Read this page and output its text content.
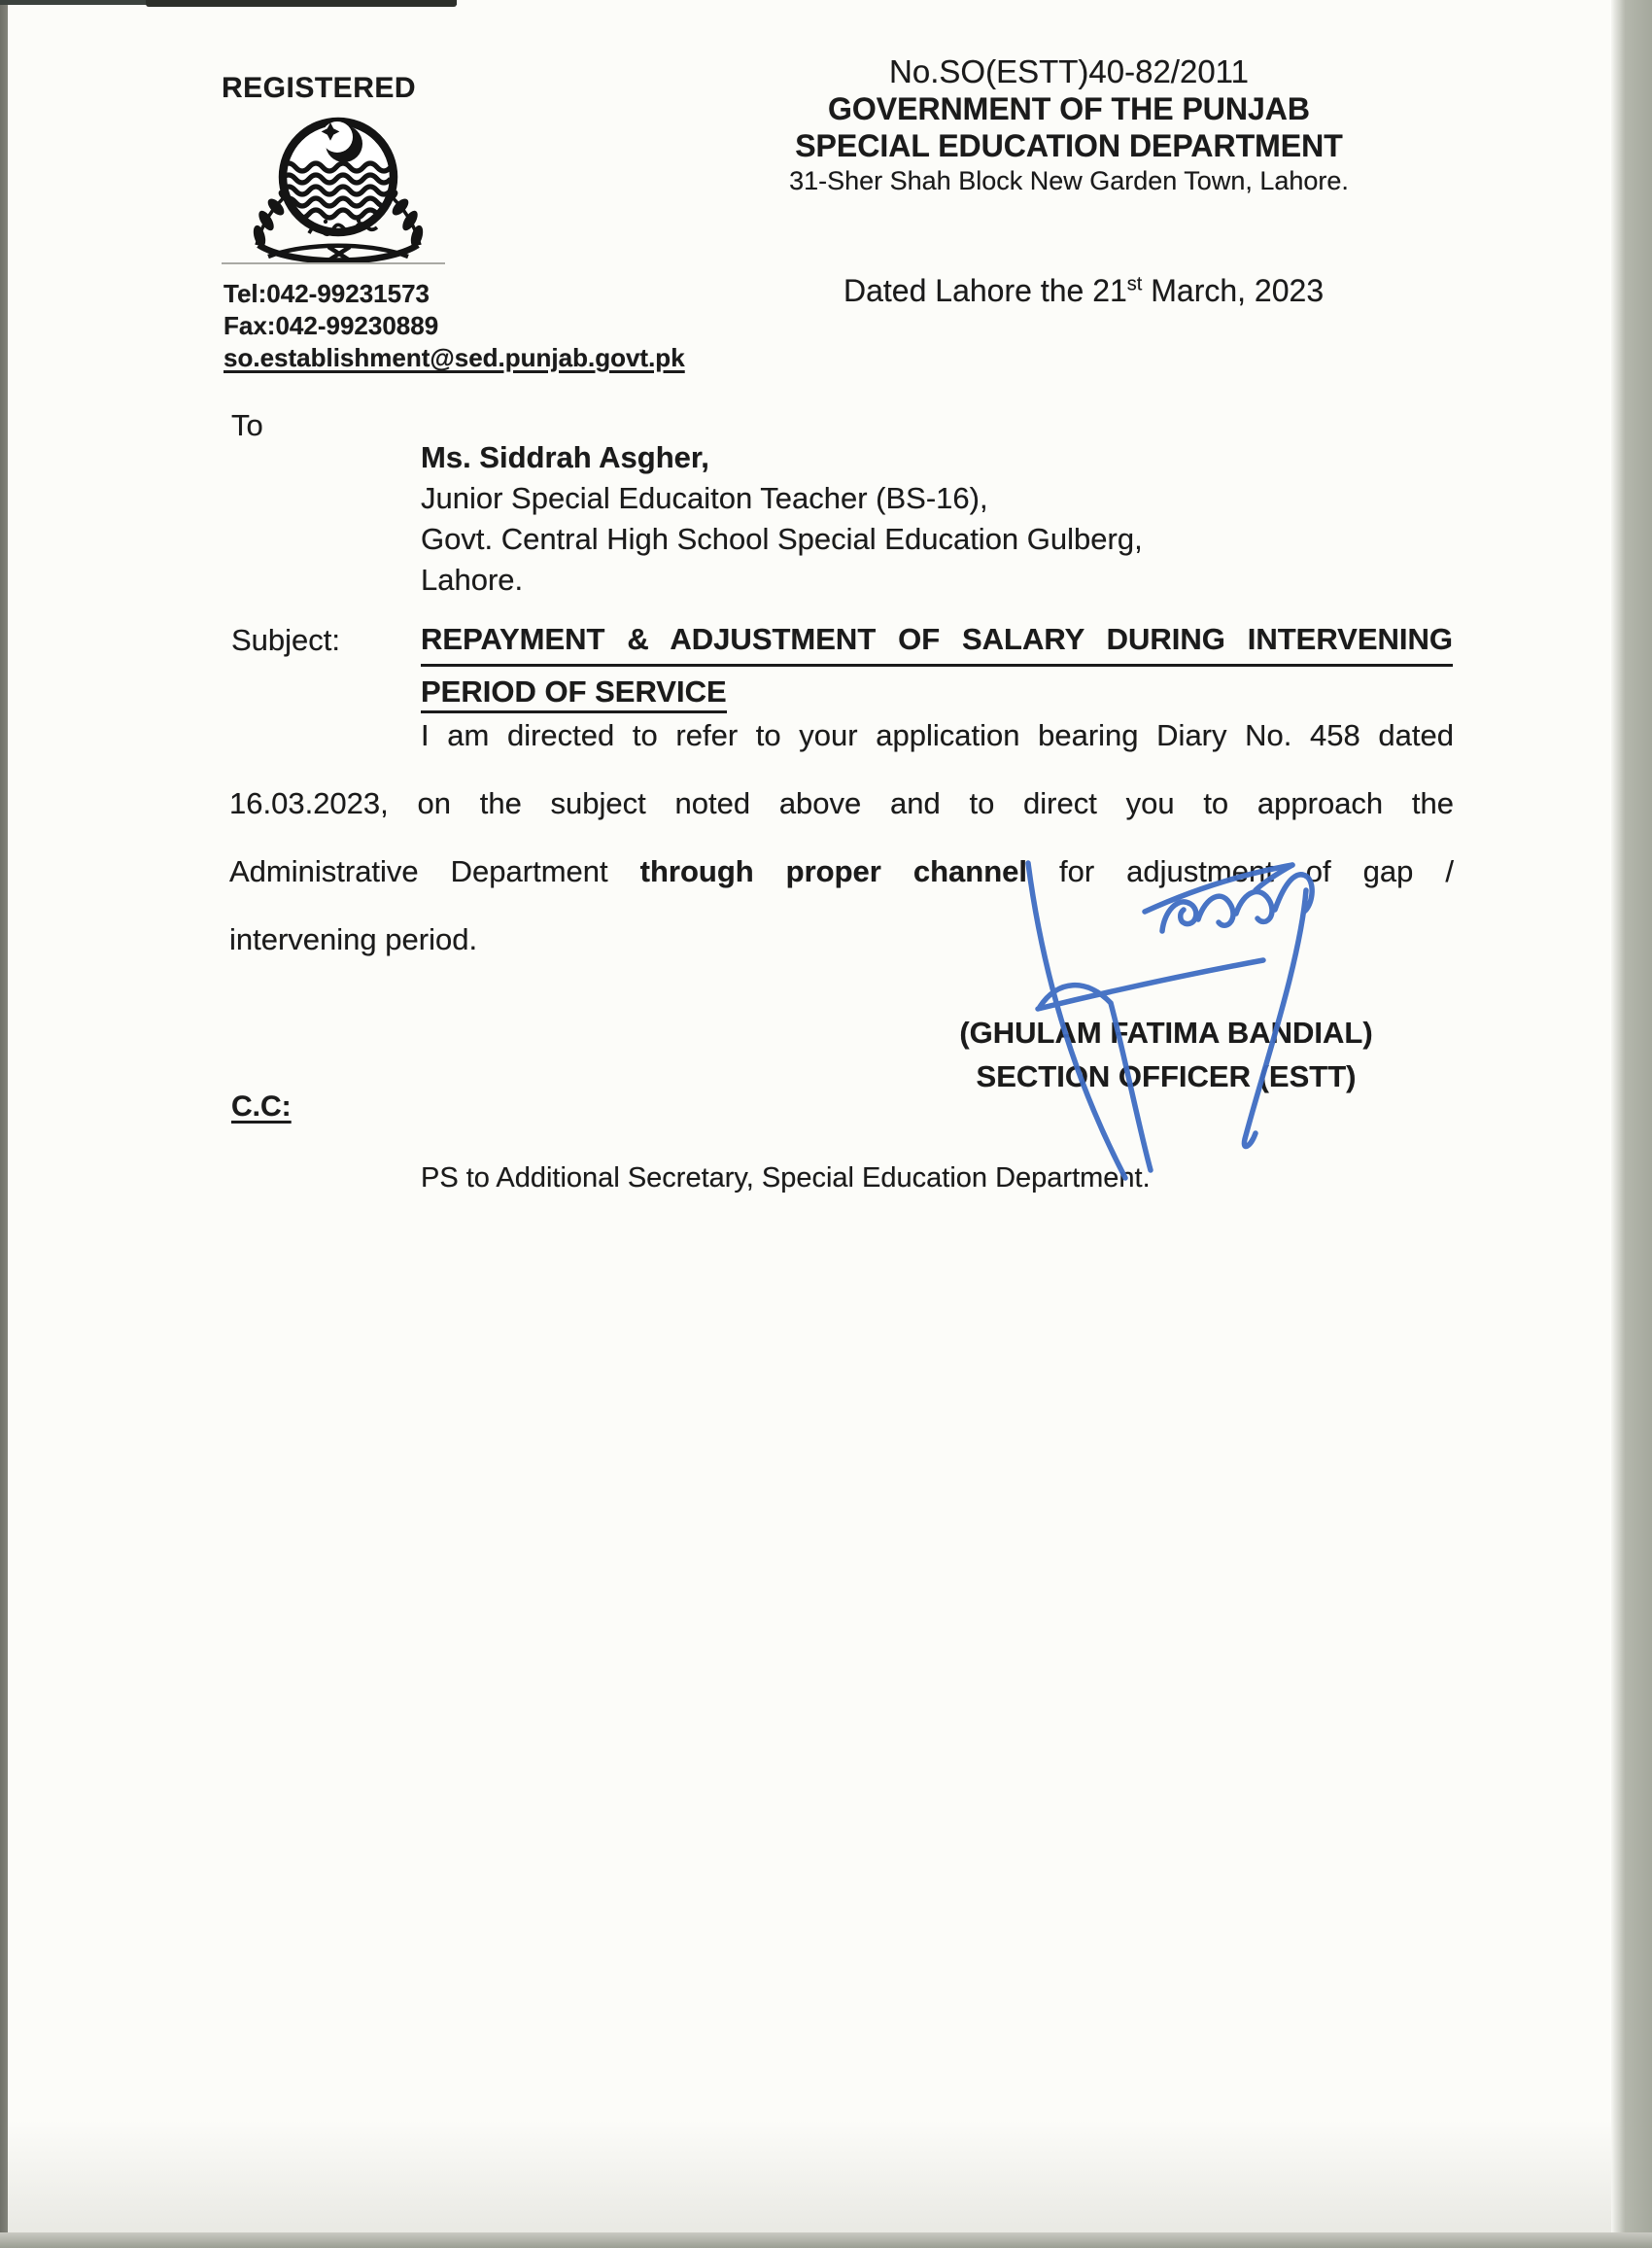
REGISTERED
Tel:042-99231573
Fax:042-99230889
so.establishment@sed.punjab.govt.pk
No.SO(ESTT)40-82/2011
GOVERNMENT OF THE PUNJAB
SPECIAL EDUCATION DEPARTMENT
31-Sher Shah Block New Garden Town, Lahore.
Dated Lahore the 21st March, 2023
To
Ms. Siddrah Asgher,
Junior Special Educaiton Teacher (BS-16),
Govt. Central High School Special Education Gulberg,
Lahore.
Subject:	REPAYMENT & ADJUSTMENT OF SALARY DURING INTERVENING
PERIOD OF SERVICE
I am directed to refer to your application bearing Diary No. 458 dated
16.03.2023, on the subject noted above and to direct you to approach the
Administrative Department through proper channel for adjustment of gap /
intervening period.
(GHULAM FATIMA BANDIAL)
SECTION OFFICER (ESTT)
C.C:
PS to Additional Secretary, Special Education Department.
